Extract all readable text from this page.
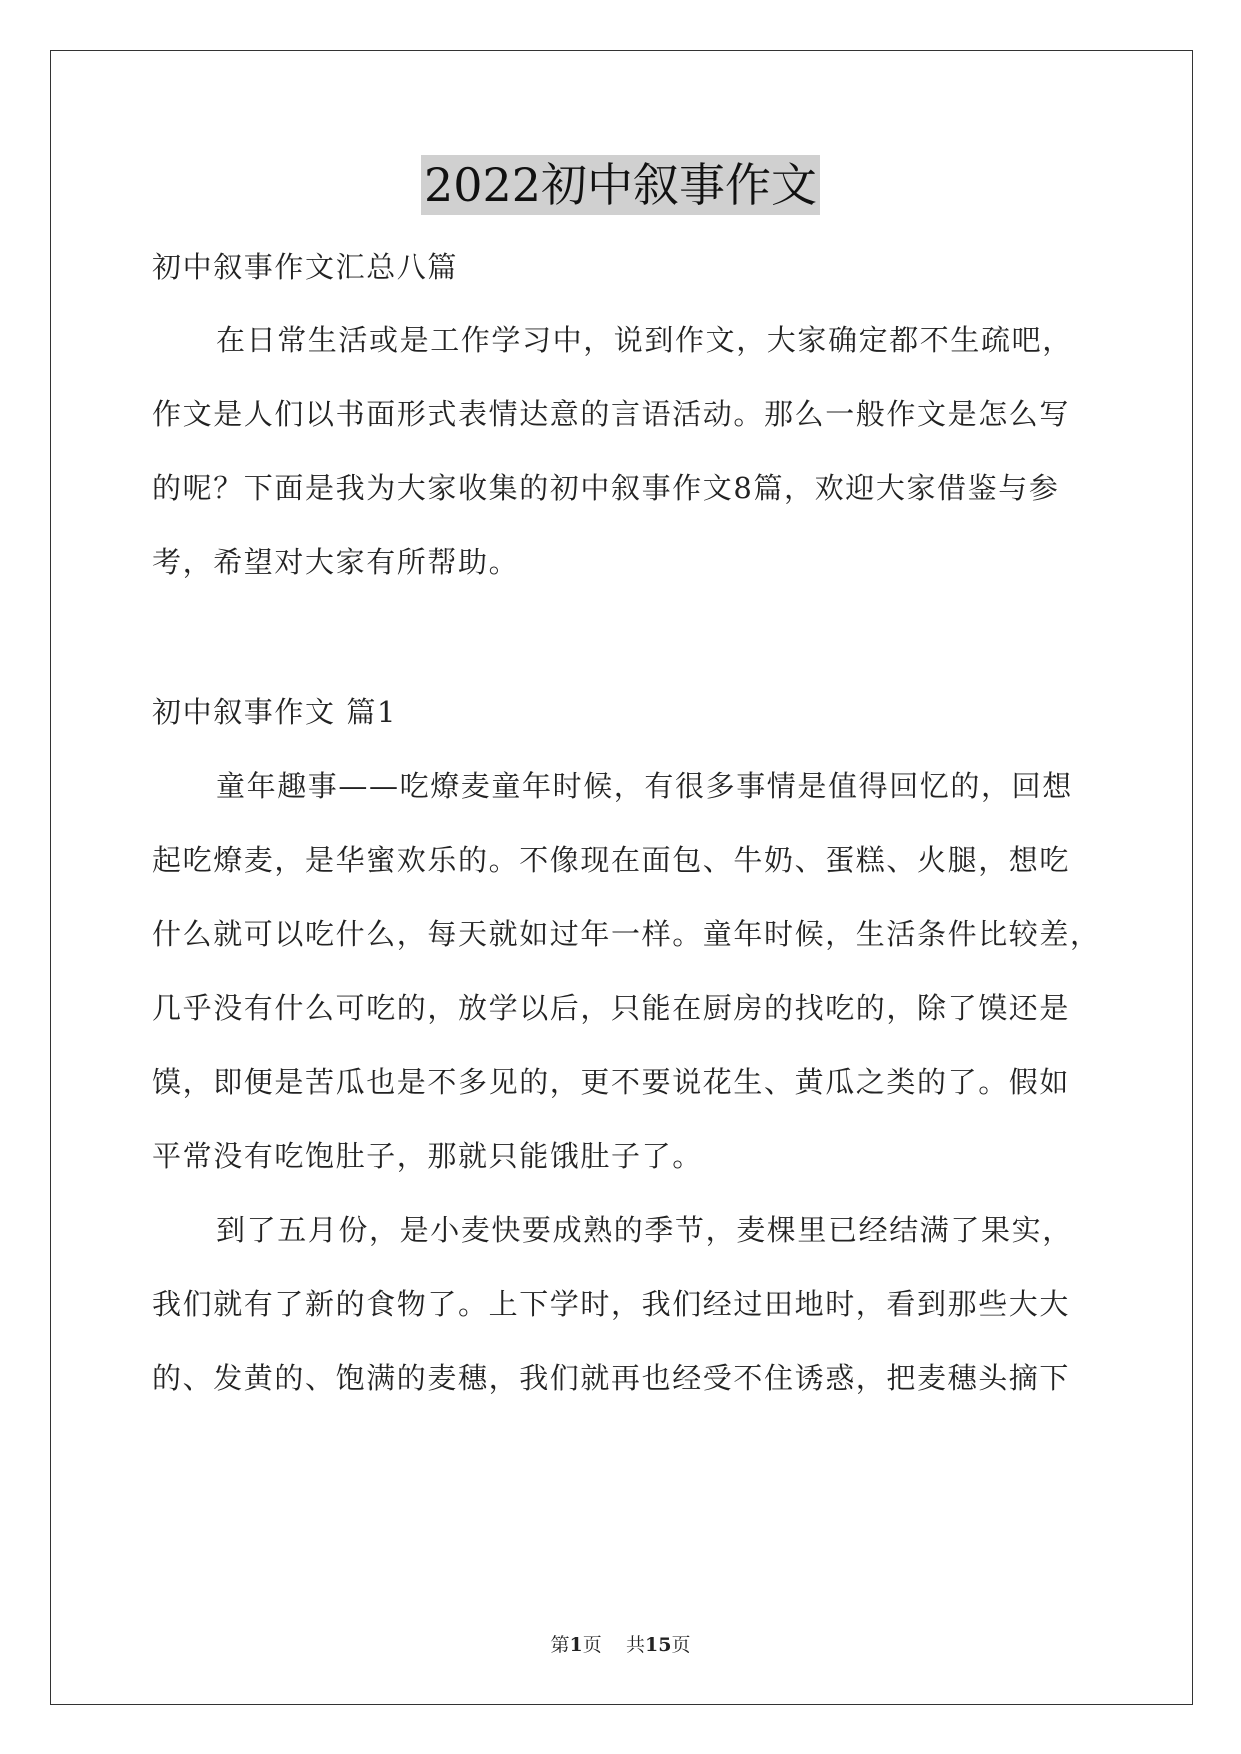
2022初中叙事作文
初中叙事作文汇总八篇
在日常生活或是工作学习中，说到作文，大家确定都不生疏吧，
作文是人们以书面形式表情达意的言语活动。那么一般作文是怎么写
的呢？下面是我为大家收集的初中叙事作文8篇，欢迎大家借鉴与参
考，希望对大家有所帮助。
初中叙事作文 篇1
童年趣事——吃燎麦童年时候，有很多事情是值得回忆的，回想
起吃燎麦，是华蜜欢乐的。不像现在面包、牛奶、蛋糕、火腿，想吃
什么就可以吃什么，每天就如过年一样。童年时候，生活条件比较差，
几乎没有什么可吃的，放学以后，只能在厨房的找吃的，除了馍还是
馍，即便是苦瓜也是不多见的，更不要说花生、黄瓜之类的了。假如
平常没有吃饱肚子，那就只能饿肚子了。
到了五月份，是小麦快要成熟的季节，麦棵里已经结满了果实，
我们就有了新的食物了。上下学时，我们经过田地时，看到那些大大
的、发黄的、饱满的麦穗，我们就再也经受不住诱惑，把麦穗头摘下
第1页 共15页
